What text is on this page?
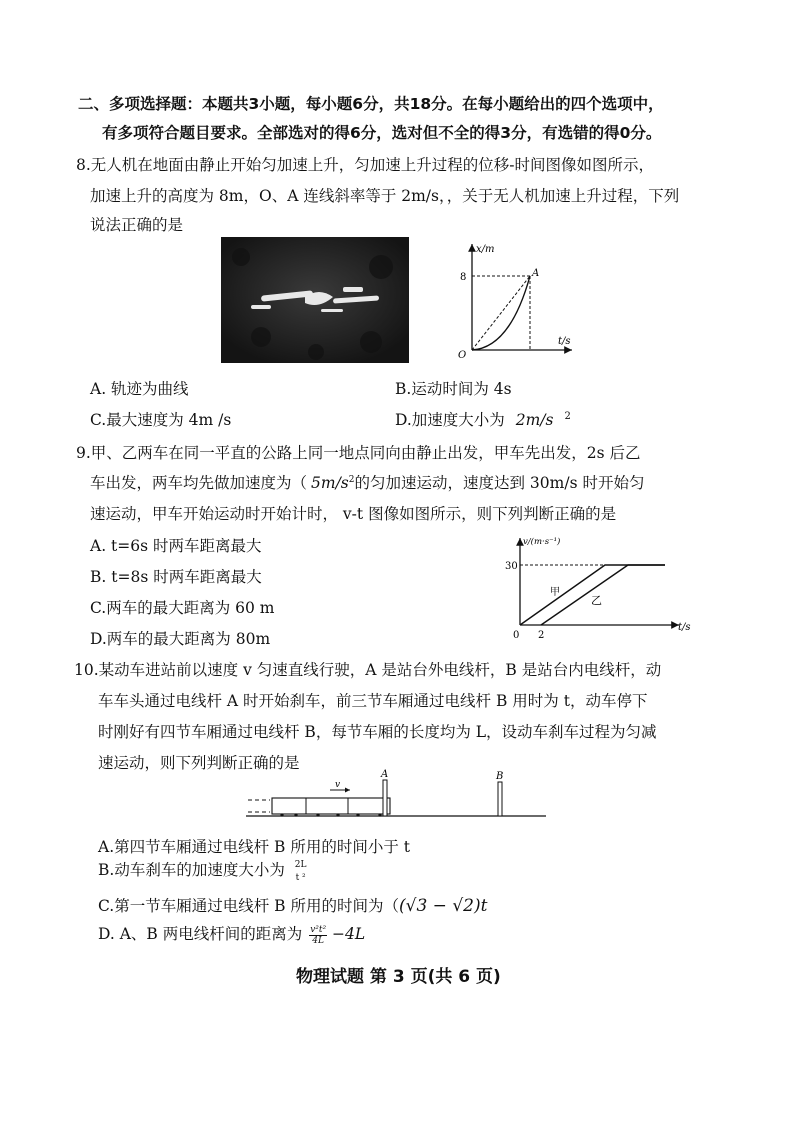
二、多项选择题：本题共3小题，每小题6分，共18分。在每小题给出的四个选项中，
有多项符合题目要求。全部选对的得6分，选对但不全的得3分，有选错的得0分。
8.无人机在地面由静止开始匀加速上升，匀加速上升过程的位移-时间图像如图所示，
加速上升的高度为 8m，O、A 连线斜率等于 2m/s，，关于无人机加速上升过程，下列
说法正确的是
x/m
8	A
O
t/s
A. 轨迹为曲线	B.运动时间为 4s
C.最大速度为 4m /s	D.加速度大小为 2m/s $^2$
9.甲、乙两车在同一平直的公路上同一地点同向由静止出发，甲车先出发，2s 后乙
车出发，两车均先做加速度为（ $5m/s^2$的匀加速运动，速度达到 30m/s 时开始匀
速运动，甲车开始运动时开始计时， v-t 图像如图所示，则下列判断正确的是
A. t=6s 时两车距离最大
B. t=8s 时两车距离最大
C.两车的最大距离为 60 m
D.两车的最大距离为 80m
v/(m·s⁻¹)
30
0 2
t/s
甲
乙
10.某动车进站前以速度 v 匀速直线行驶，A 是站台外电线杆，B 是站台内电线杆，动
车车头通过电线杆 A 时开始刹车，前三节车厢通过电线杆 B 用时为 t，动车停下
时刚好有四节车厢通过电线杆 B，每节车厢的长度均为 L，设动车刹车过程为匀减
速运动，则下列判断正确的是
v
A	B
A.第四节车厢通过电线杆 B 所用的时间小于 t
B.动车刹车的加速度大小为 2L
t ²
C.第一节车厢通过电线杆 B 所用的时间为（(√3 − √2)t
D. A、B 两电线杆间的距离为 $\frac{\text{v²t²}}{4L} -4L$
物理试题 第 3 页(共 6 页)
